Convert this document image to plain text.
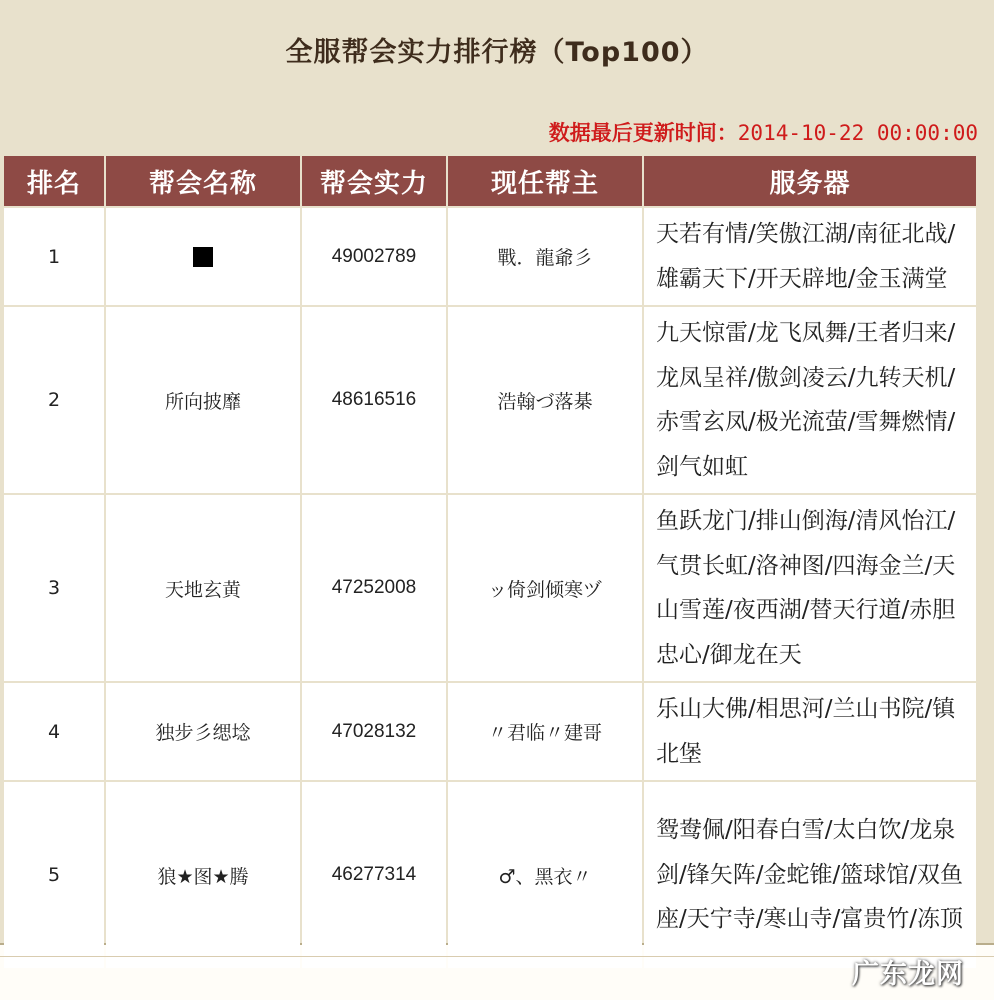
全服帮会实力排行榜（Top100）
数据最后更新时间：2014-10-22 00:00:00
排名	帮会名称	帮会实力	现任帮主	服务器
1		49002789	戰．龍爺彡	天若有情/笑傲江湖/南征北战/雄霸天下/开天辟地/金玉满堂
2	所向披靡	48616516	浩翰づ落棊	九天惊雷/龙飞凤舞/王者归来/龙凤呈祥/傲剑凌云/九转天机/赤雪玄凤/极光流萤/雪舞燃情/剑气如虹
3	天地玄黄	47252008	ッ倚剑倾寒ヅ	鱼跃龙门/排山倒海/清风怡江/气贯长虹/洛神图/四海金兰/天山雪莲/夜西湖/替天行道/赤胆忠心/御龙在天
4	独步彡缌埝	47028132	〃君临〃建哥	乐山大佛/相思河/兰山书院/镇北堡
5	狼★图★腾	46277314	♂、黑衣〃	鸳鸯佩/阳春白雪/太白饮/龙泉剑/锋矢阵/金蛇锥/篮球馆/双鱼座/天宁寺/寒山寺/富贵竹/冻顶
广东龙网
